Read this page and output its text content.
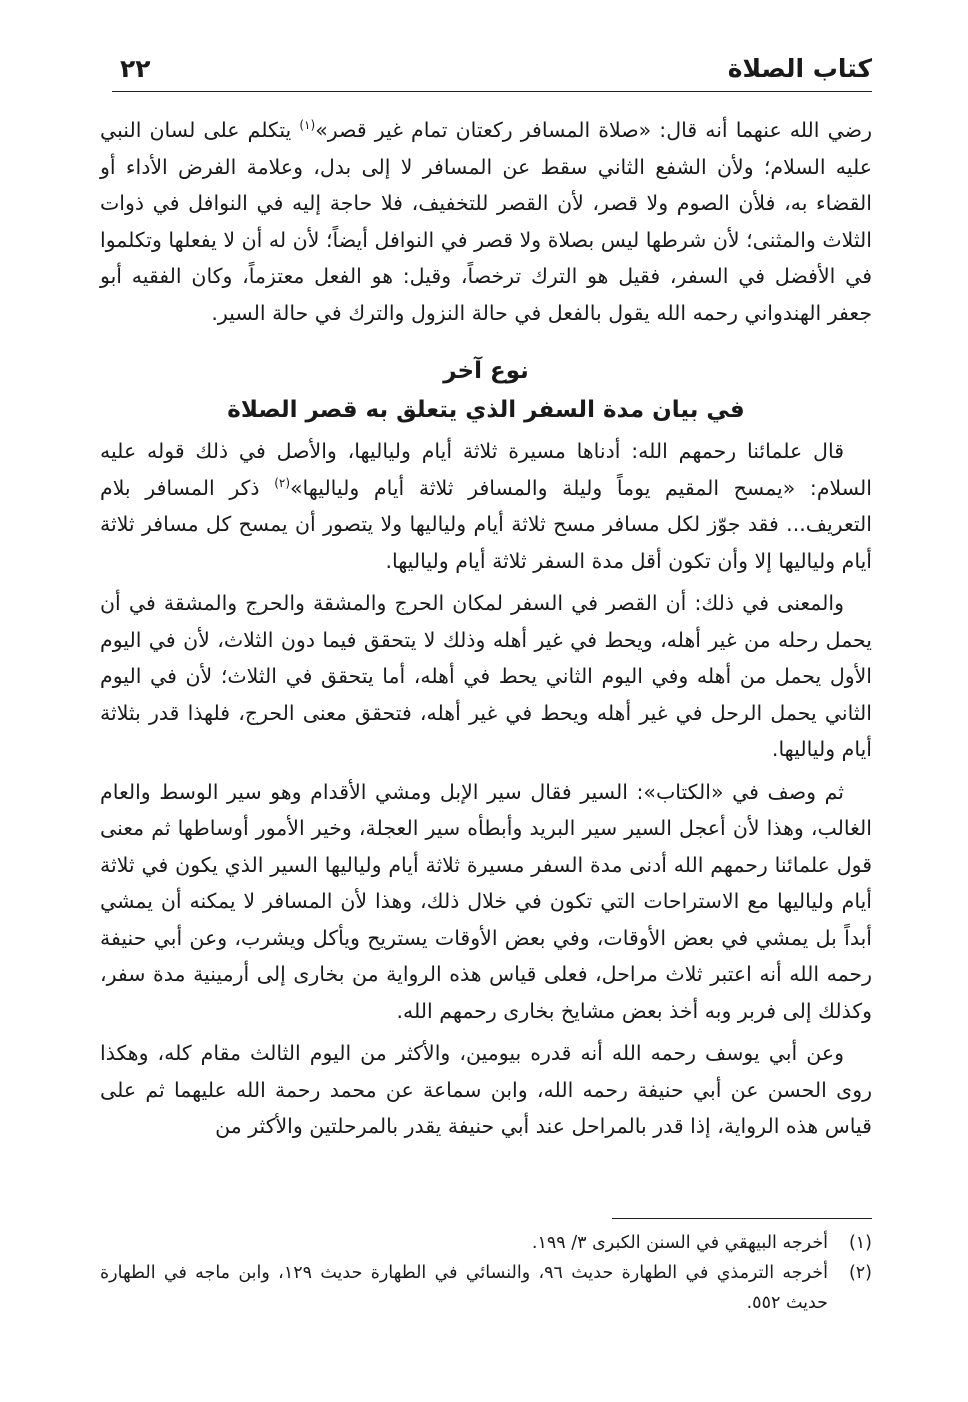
كتاب الصلاة
٢٢

رضي الله عنهما أنه قال: «صلاة المسافر ركعتان تمام غير قصر»$^{(١)}$ يتكلم على لسان النبي عليه السلام؛ ولأن الشفع الثاني سقط عن المسافر لا إلى بدل، وعلامة الفرض الأداء أو القضاء به، فلأن الصوم ولا قصر، لأن القصر للتخفيف، فلا حاجة إليه في النوافل في ذوات الثلاث والمثنى؛ لأن شرطها ليس بصلاة ولا قصر في النوافل أيضاً؛ لأن له أن لا يفعلها وتكلموا في الأفضل في السفر، فقيل هو الترك ترخصاً، وقيل: هو الفعل معتزماً، وكان الفقيه أبو جعفر الهندواني رحمه الله يقول بالفعل في حالة النزول والترك في حالة السير.

نوع آخر

في بيان مدة السفر الذي يتعلق به قصر الصلاة

قال علمائنا رحمهم الله: أدناها مسيرة ثلاثة أيام ولياليها، والأصل في ذلك قوله عليه السلام: «يمسح المقيم يوماً وليلة والمسافر ثلاثة أيام ولياليها»$^{(٢)}$ ذكر المسافر بلام التعريف... فقد جوّز لكل مسافر مسح ثلاثة أيام ولياليها ولا يتصور أن يمسح كل مسافر ثلاثة أيام ولياليها إلا وأن تكون أقل مدة السفر ثلاثة أيام ولياليها.

والمعنى في ذلك: أن القصر في السفر لمكان الحرج والمشقة والحرج والمشقة في أن يحمل رحله من غير أهله، ويحط في غير أهله وذلك لا يتحقق فيما دون الثلاث، لأن في اليوم الأول يحمل من أهله وفي اليوم الثاني يحط في أهله، أما يتحقق في الثلاث؛ لأن في اليوم الثاني يحمل الرحل في غير أهله ويحط في غير أهله، فتحقق معنى الحرج، فلهذا قدر بثلاثة أيام ولياليها.

ثم وصف في «الكتاب»: السير فقال سير الإبل ومشي الأقدام وهو سير الوسط والعام الغالب، وهذا لأن أعجل السير سير البريد وأبطأه سير العجلة، وخير الأمور أوساطها ثم معنى قول علمائنا رحمهم الله أدنى مدة السفر مسيرة ثلاثة أيام ولياليها السير الذي يكون في ثلاثة أيام ولياليها مع الاستراحات التي تكون في خلال ذلك، وهذا لأن المسافر لا يمكنه أن يمشي أبداً بل يمشي في بعض الأوقات، وفي بعض الأوقات يستريح ويأكل ويشرب، وعن أبي حنيفة رحمه الله أنه اعتبر ثلاث مراحل، فعلى قياس هذه الرواية من بخارى إلى أرمينية مدة سفر، وكذلك إلى فربر وبه أخذ بعض مشايخ بخارى رحمهم الله.

وعن أبي يوسف رحمه الله أنه قدره بيومين، والأكثر من اليوم الثالث مقام كله، وهكذا روى الحسن عن أبي حنيفة رحمه الله، وابن سماعة عن محمد رحمة الله عليهما ثم على قياس هذه الرواية، إذا قدر بالمراحل عند أبي حنيفة يقدر بالمرحلتين والأكثر من

(١)
أخرجه البيهقي في السنن الكبرى ٣/ ١٩٩.
(٢)
أخرجه الترمذي في الطهارة حديث ٩٦، والنسائي في الطهارة حديث ١٢٩، وابن ماجه في الطهارة حديث ٥٥٢.
